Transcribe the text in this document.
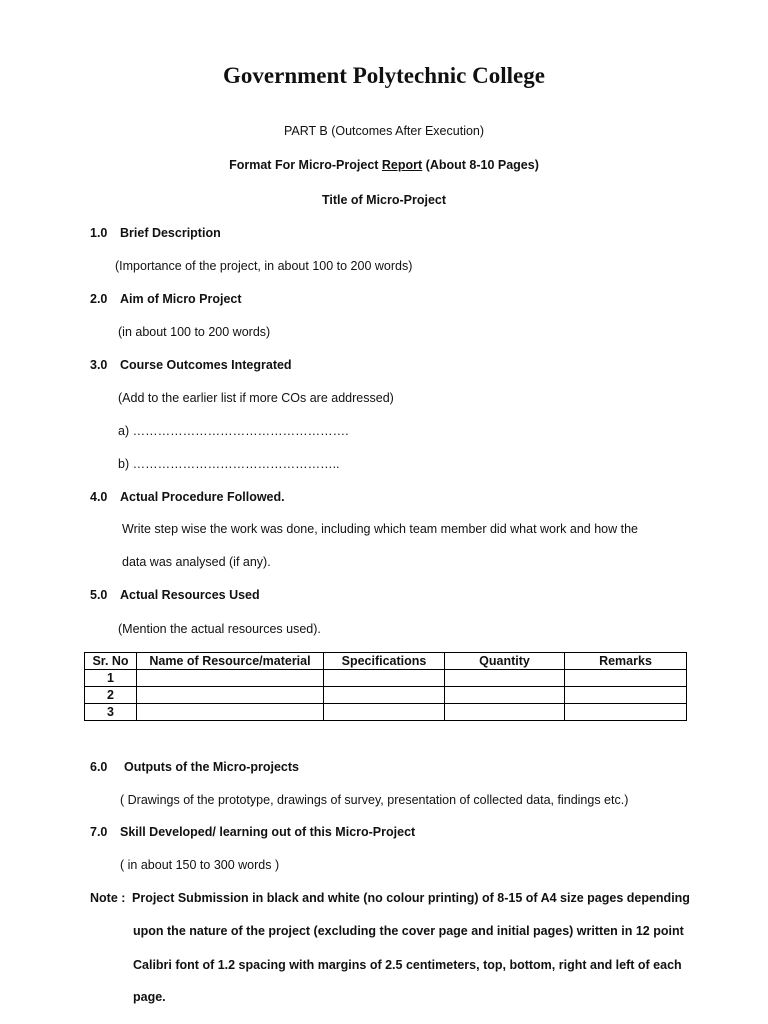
Government Polytechnic College
PART B (Outcomes After Execution)
Format For Micro-Project Report (About 8-10 Pages)
Title of Micro-Project
1.0 Brief Description
(Importance of the project, in about 100 to 200 words)
2.0 Aim of Micro Project
(in about 100 to 200 words)
3.0 Course Outcomes Integrated
(Add to the earlier list if more COs are addressed)
a) …………………………………………….
b) …………………………………………..
4.0 Actual Procedure Followed.
Write step wise the work was done, including which team member did what work and how the
data was analysed (if any).
5.0 Actual Resources Used
(Mention the actual resources used).
Sr. No	Name of Resource/material	Specifications	Quantity	Remarks
1				
2				
3				
6.0 Outputs of the Micro-projects
( Drawings of the prototype, drawings of survey, presentation of collected data, findings etc.)
7.0 Skill Developed/ learning out of this Micro-Project
( in about 150 to 300 words )
Note : Project Submission in black and white (no colour printing) of 8-15 of A4 size pages depending
upon the nature of the project (excluding the cover page and initial pages) written in 12 point
Calibri font of 1.2 spacing with margins of 2.5 centimeters, top, bottom, right and left of each
page.
